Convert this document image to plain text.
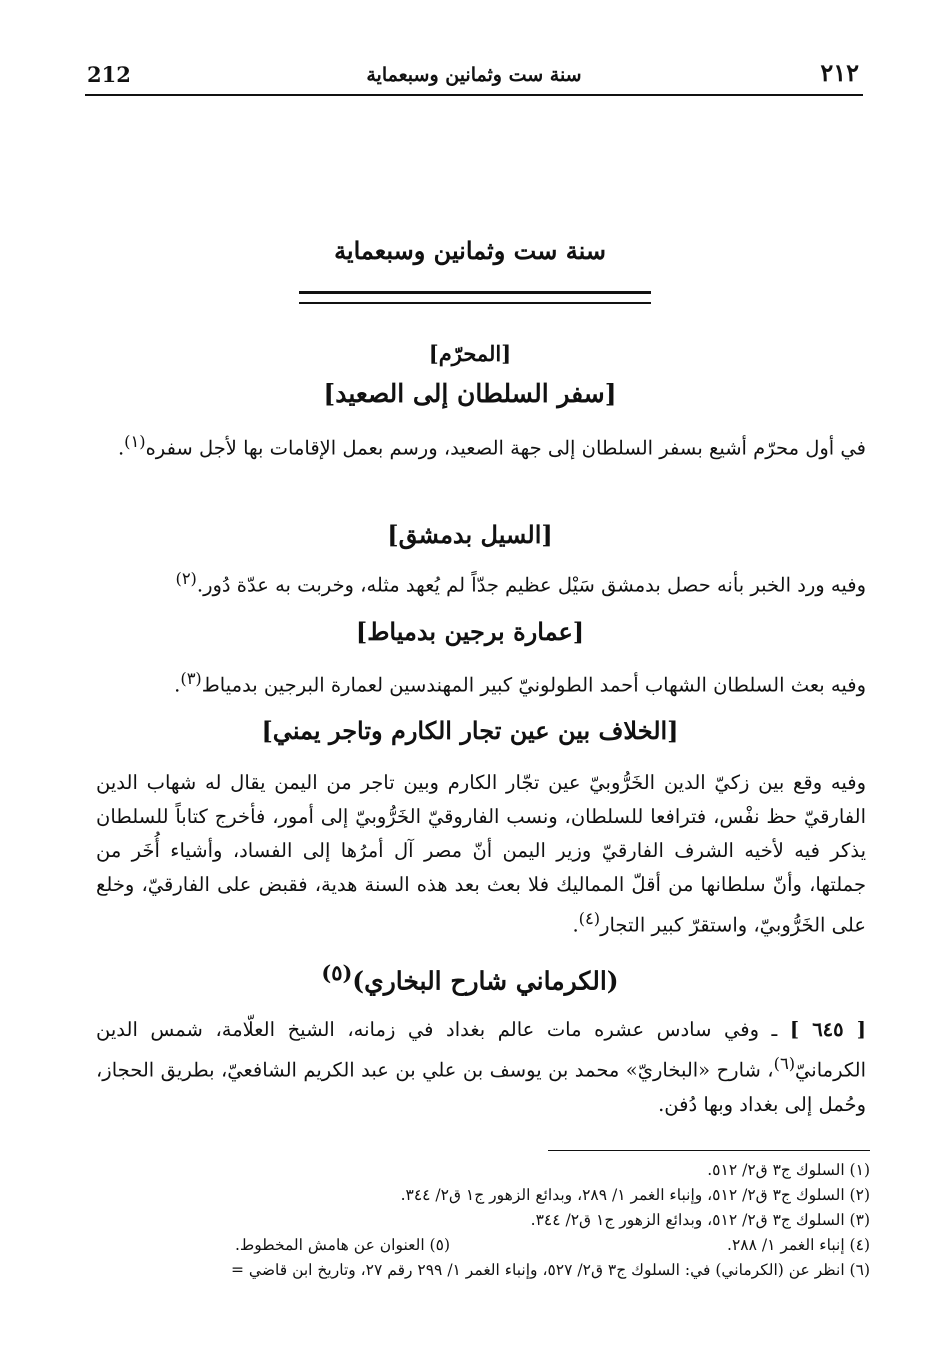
212	سنة ست وثمانين وسبعماية	٢١٢
سنة ست وثمانين وسبعماية
[المحرّم]
[سفر السلطان إلى الصعيد]
في أول محرّم أشيع بسفر السلطان إلى جهة الصعيد، ورسم بعمل الإقامات بها لأجل سفره$^{(١)}$.
[السيل بدمشق]
وفيه ورد الخبر بأنه حصل بدمشق سَيْل عظيم جدّاً لم يُعهد مثله، وخربت به عدّة دُور.$^{(٢)}$
[عمارة برجين بدمياط]
وفيه بعث السلطان الشهاب أحمد الطولونيّ كبير المهندسين لعمارة البرجين بدمياط$^{(٣)}$.
[الخلاف بين عين تجار الكارم وتاجر يمني]
وفيه وقع بين زكيّ الدين الخَرُّوبيّ عين تجّار الكارم وبين تاجر من اليمن يقال له شهاب الدين الفارقيّ حظ نفْس، فترافعا للسلطان، ونسب الفاروقيّ الخَرُّوبيّ إلى أمور، فأخرج كتاباً للسلطان يذكر فيه لأخيه الشرف الفارقيّ وزير اليمن أنّ مصر آل أمرُها إلى الفساد، وأشياء أُخَر من جملتها، وأنّ سلطانها من أقلّ المماليك فلا بعث بعد هذه السنة هدية، فقبض على الفارقيّ، وخلع على الخَرُّوبيّ، واستقرّ كبير التجار$^{(٤)}$.
(الكرماني شارح البخاري)$^{(٥)}$
[ ٦٤٥ ] ـ وفي سادس عشره مات عالم بغداد في زمانه، الشيخ العلّامة، شمس الدين الكرمانيّ$^{(٦)}$، شارح «البخاريّ» محمد بن يوسف بن علي بن عبد الكريم الشافعيّ، بطريق الحجاز، وحُمل إلى بغداد وبها دُفن.
(١) السلوك ج٣ ق٢/ ٥١٢.
(٢) السلوك ج٣ ق٢/ ٥١٢، وإنباء الغمر ١/ ٢٨٩، وبدائع الزهور ج١ ق٢/ ٣٤٤.
(٣) السلوك ج٣ ق٢/ ٥١٢، وبدائع الزهور ج١ ق٢/ ٣٤٤.
(٤) إنباء الغمر ١/ ٢٨٨.(٥) العنوان عن هامش المخطوط.
(٦) انظر عن (الكرماني) في: السلوك ج٣ ق٢/ ٥٢٧، وإنباء الغمر ١/ ٢٩٩ رقم ٢٧، وتاريخ ابن قاضي =
